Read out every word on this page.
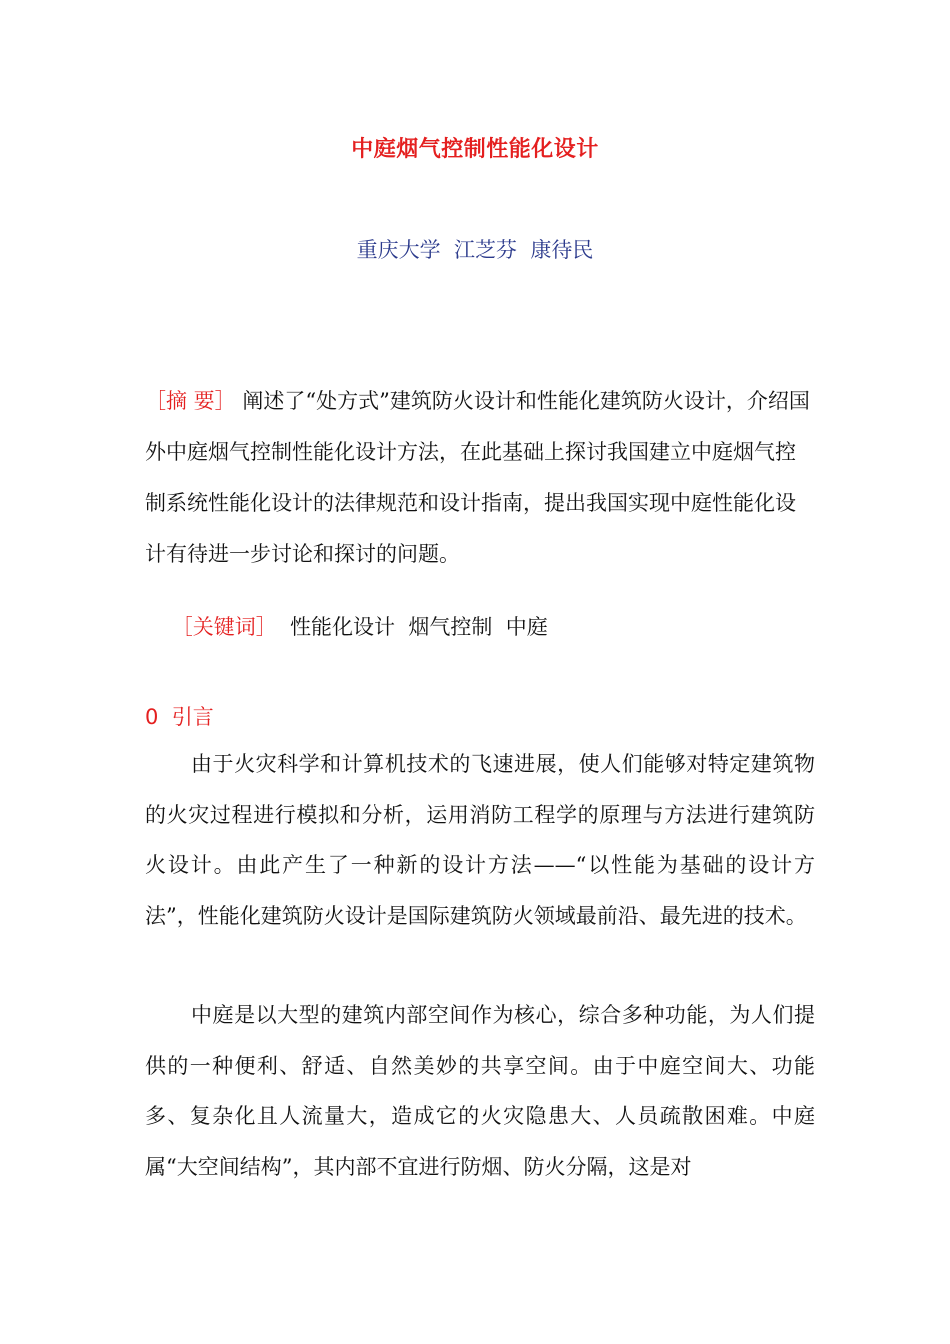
中庭烟气控制性能化设计
重庆大学  江芝芬  康待民
［摘 要］ 阐述了“处方式”建筑防火设计和性能化建筑防火设计，介绍国外中庭烟气控制性能化设计方法，在此基础上探讨我国建立中庭烟气控制系统性能化设计的法律规范和设计指南，提出我国实现中庭性能化设计有待进一步讨论和探讨的问题。

［关键词］  性能化设计  烟气控制  中庭

0  引言
由于火灾科学和计算机技术的飞速进展，使人们能够对特定建筑物的火灾过程进行模拟和分析，运用消防工程学的原理与方法进行建筑防火设计。由此产生了一种新的设计方法——“以性能为基础的设计方法”，性能化建筑防火设计是国际建筑防火领域最前沿、最先进的技术。
中庭是以大型的建筑内部空间作为核心，综合多种功能，为人们提供的一种便利、舒适、自然美妙的共享空间。由于中庭空间大、功能多、复杂化且人流量大，造成它的火灾隐患大、人员疏散困难。中庭属“大空间结构”，其内部不宜进行防烟、防火分隔，这是对
